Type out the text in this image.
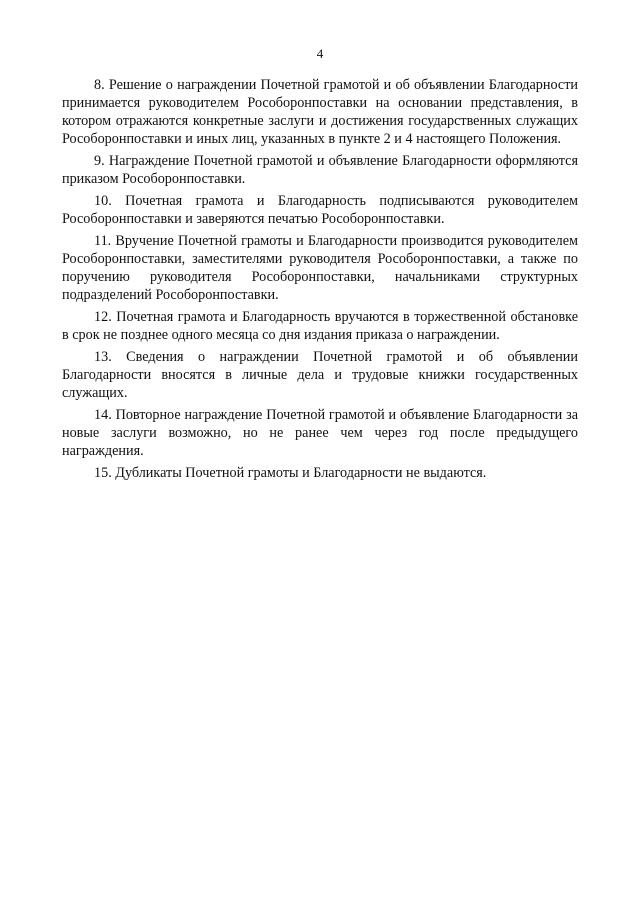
4

8. Решение о награждении Почетной грамотой и об объявлении Благодарности принимается руководителем Рособоронпоставки на основании представления, в котором отражаются конкретные заслуги и достижения государственных служащих Рособоронпоставки и иных лиц, указанных в пункте 2 и 4 настоящего Положения.

9. Награждение Почетной грамотой и объявление Благодарности оформляются приказом Рособоронпоставки.

10. Почетная грамота и Благодарность подписываются руководителем Рособоронпоставки и заверяются печатью Рособоронпоставки.

11. Вручение Почетной грамоты и Благодарности производится руководителем Рособоронпоставки, заместителями руководителя Рособоронпоставки, а также по поручению руководителя Рособоронпоставки, начальниками структурных подразделений Рособоронпоставки.

12. Почетная грамота и Благодарность вручаются в торжественной обстановке в срок не позднее одного месяца со дня издания приказа о награждении.

13. Сведения о награждении Почетной грамотой и об объявлении Благодарности вносятся в личные дела и трудовые книжки государственных служащих.

14. Повторное награждение Почетной грамотой и объявление Благодарности за новые заслуги возможно, но не ранее чем через год после предыдущего награждения.

15. Дубликаты Почетной грамоты и Благодарности не выдаются.
